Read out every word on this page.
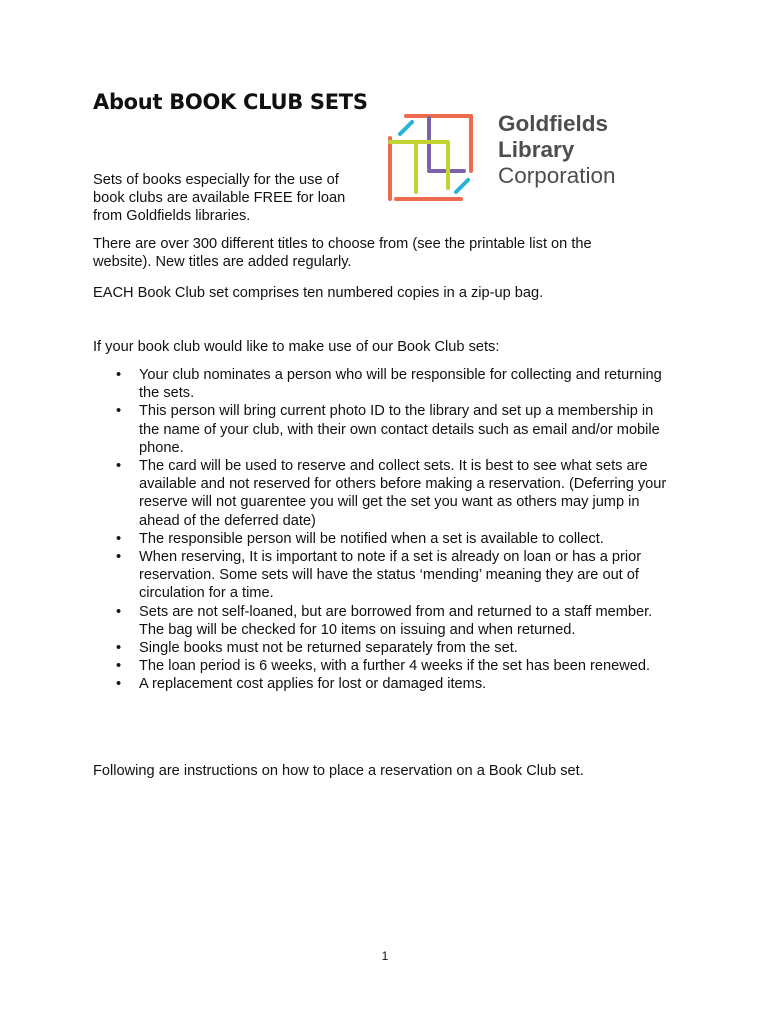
About BOOK CLUB SETS
Goldfields
Library
Corporation

Sets of books especially for the use of book clubs are available FREE for loan from Goldfields libraries.

There are over 300 different titles to choose from (see the printable list on the website). New titles are added regularly.

EACH Book Club set comprises ten numbered copies in a zip-up bag.

If your book club would like to make use of our Book Club sets:

• Your club nominates a person who will be responsible for collecting and returning the sets.
• This person will bring current photo ID to the library and set up a membership in the name of your club, with their own contact details such as email and/or mobile phone.
• The card will be used to reserve and collect sets. It is best to see what sets are available and not reserved for others before making a reservation. (Deferring your reserve will not guarentee you will get the set you want as others may jump in ahead of the deferred date)
• The responsible person will be notified when a set is available to collect.
• When reserving, It is important to note if a set is already on loan or has a prior reservation. Some sets will have the status ‘mending’ meaning they are out of circulation for a time.
• Sets are not self-loaned, but are borrowed from and returned to a staff member. The bag will be checked for 10 items on issuing and when returned.
• Single books must not be returned separately from the set.
• The loan period is 6 weeks, with a further 4 weeks if the set has been renewed.
• A replacement cost applies for lost or damaged items.

Following are instructions on how to place a reservation on a Book Club set.

1
